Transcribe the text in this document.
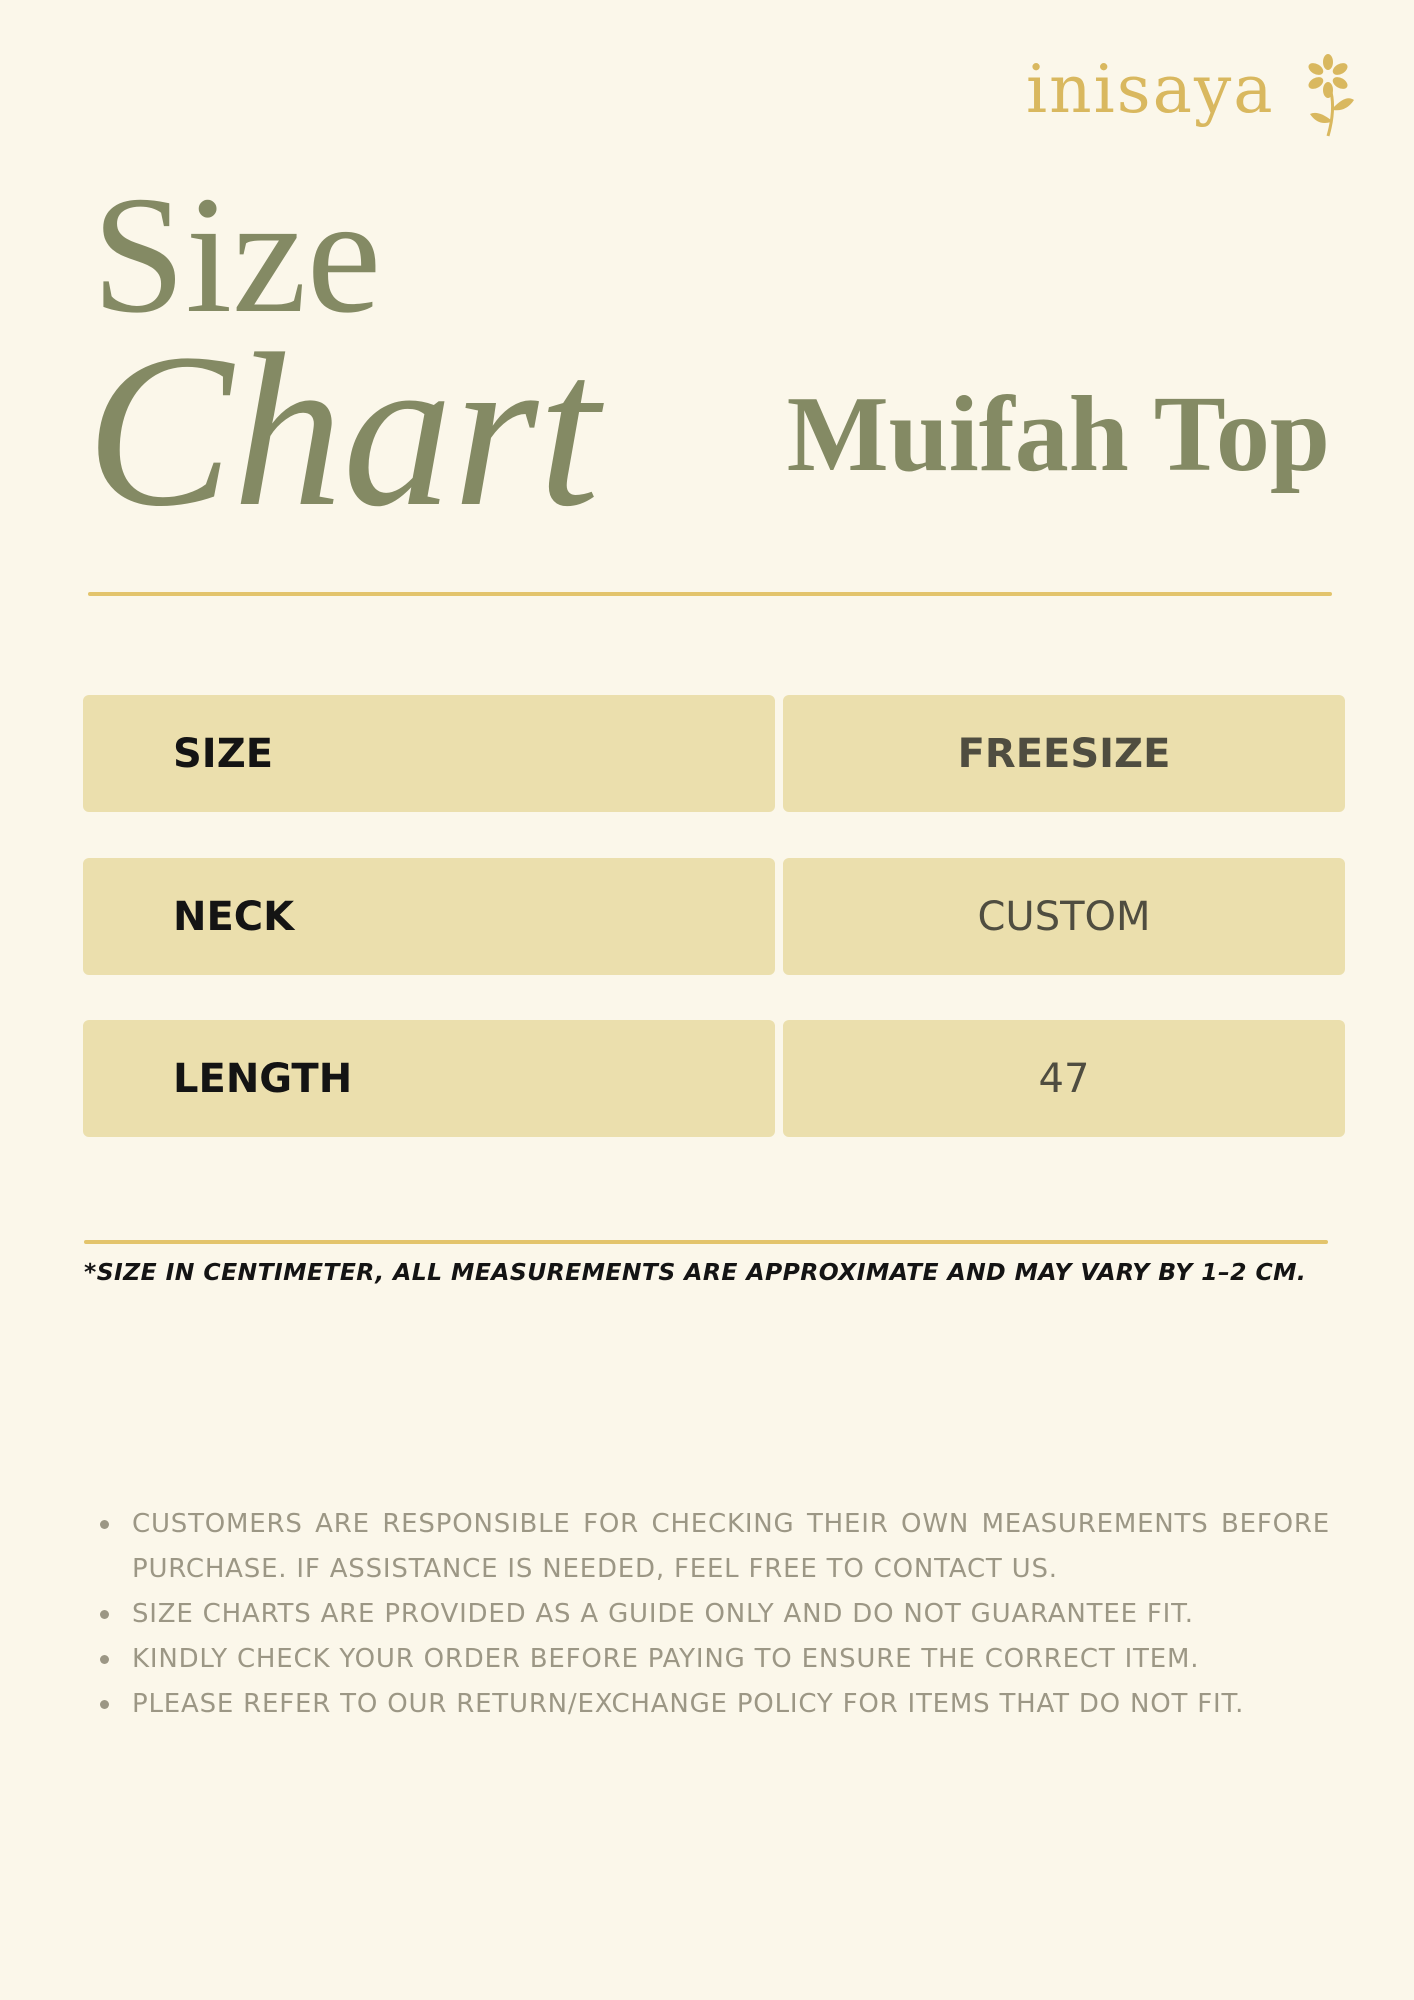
inisaya
Size
Chart Muifah Top
SIZE	FREESIZE
NECK	CUSTOM
LENGTH	47
*SIZE IN CENTIMETER, ALL MEASUREMENTS ARE APPROXIMATE AND MAY VARY BY 1–2 CM.
CUSTOMERS ARE RESPONSIBLE FOR CHECKING THEIR OWN MEASUREMENTS BEFORE PURCHASE. IF ASSISTANCE IS NEEDED, FEEL FREE TO CONTACT US.
SIZE CHARTS ARE PROVIDED AS A GUIDE ONLY AND DO NOT GUARANTEE FIT.
KINDLY CHECK YOUR ORDER BEFORE PAYING TO ENSURE THE CORRECT ITEM.
PLEASE REFER TO OUR RETURN/EXCHANGE POLICY FOR ITEMS THAT DO NOT FIT.
